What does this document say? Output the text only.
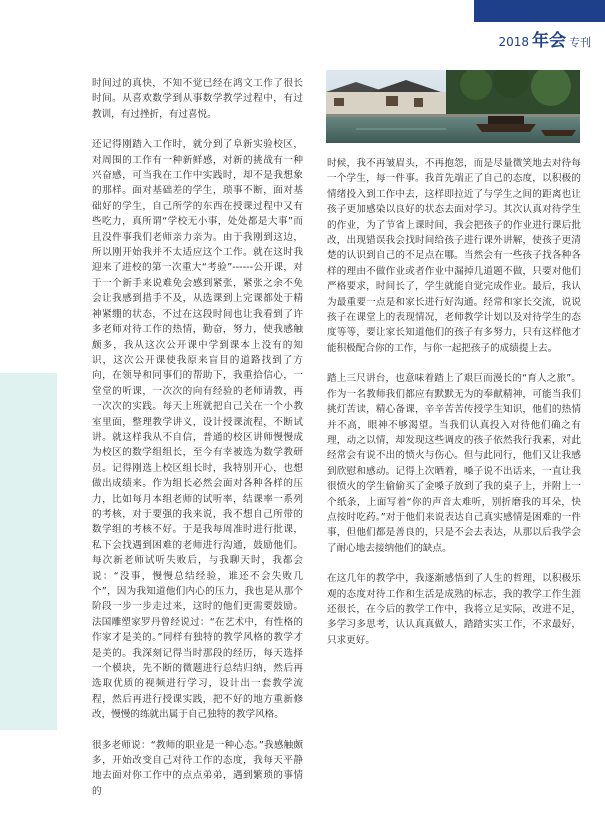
2018 年会 专刊

时间过的真快，不知不觉已经在鸿文工作了很长时间。从喜欢数学到从事数学教学过程中，有过教训，有过挫折，有过喜悦。

还记得刚踏入工作时，就分到了阜新实验校区，对周围的工作有一种新鲜感，对新的挑战有一种兴奋感，可当我在工作中实践时，却不是我想象的那样。面对基础差的学生，琐事不断，面对基础好的学生，自己所学的东西在授课过程中又有些吃力，真所谓“学校无小事，处处都是大事”而且没件事我们老师亲力亲为。由于我刚到这边，所以刚开始我并不太适应这个工作。就在这时我迎来了进校的第一次重大“考验”------公开课，对于一个新手来说难免会感到紧张，紧张之余不免会让我感到措手不及，从选课到上完课都处于精神紧绷的状态，不过在这段时间也让我看到了许多老师对待工作的热情，勤奋，努力，使我感触颇多，我从这次公开课中学到课本上没有的知识，这次公开课使我原来盲目的道路找到了方向，在领导和同事们的帮助下，我重拾信心，一堂堂的听课，一次次的向有经验的老师请教，再一次次的实践。每天上班就把自己关在一个小教室里面，整理教学讲义，设计授课流程，不断试讲。就这样我从不自信，普通的校区讲师慢慢成为校区的数学组组长，至今有幸被选为数学教研员。记得刚选上校区组长时，我特别开心，也想做出成绩来。作为组长必然会面对各种各样的压力，比如每月本组老师的试听率，结课率一系列的考核，对于要强的我来说，我不想自己所带的数学组的考核不好。于是我每周准时进行批课，私下会找遇到困难的老师进行沟通，鼓励他们。每次新老师试听失败后，与我聊天时，我都会说：“没事，慢慢总结经验，谁还不会失败几个”，因为我知道他们内心的压力，我也是从那个阶段一步一步走过来，这时的他们更需要鼓励。法国雕塑家罗丹曾经说过：“在艺术中，有性格的作家才是美的。”同样有独特的教学风格的教学才是美的。我深刻记得当时那段的经历，每天选择一个模块，先不断的微题进行总结归纳，然后再选取优质的视频进行学习，设计出一套教学流程，然后再进行授课实践，把不好的地方重新修改，慢慢的练就出属于自己独特的教学风格。

很多老师说：“教师的职业是一种心态。”我感触颇多，开始改变自己对待工作的态度，我每天平静地去面对你工作中的点点弟弟，遇到繁琐的事情的

时候，我不再皱眉头，不再抱怨，而是尽量微笑地去对待每一个学生，每一件事。我首先端正了自己的态度，以积极的情绪投入到工作中去，这样即拉近了与学生之间的距离也让孩子更加感染以良好的状态去面对学习。其次认真对待学生的作业，为了节省上课时间，我会把孩子的作业进行课后批改，出现错误我会找时间给孩子进行课外讲解，使孩子更清楚的认识到自己的不足点在哪。当然会有一些孩子找各种各样的理由不做作业或者作业中漏掉几道题不做，只要对他们严格要求，时间长了，学生就能自觉完成作业。最后，我认为最重要一点是和家长进行好沟通。经常和家长交流，说说孩子在课堂上的表现情况，老师教学计划以及对待学生的态度等等，要让家长知道他们的孩子有多努力，只有这样他才能积极配合你的工作，与你一起把孩子的成绩提上去。

踏上三尺讲台，也意味着踏上了艰巨而漫长的“育人之旅”。作为一名教师我们都应有默默无为的奉献精神，可能当我们挑灯苦读，精心备课，辛辛苦苦传授学生知识，他们的热情并不高，眼神不够渴望。当我们认真投入对待他们确之有理，动之以情，却发现这些调皮的孩子依然我行我素，对此经常会有说不出的愤火与伤心。但与此同行，他们又让我感到欣慰和感动。记得上次晒着，嗓子说不出话来，一直让我很愤火的学生偷偷买了金嗓子放到了我的桌子上，并附上一个纸条，上面写着“你的声音太难听，别折磨我的耳朵，快点按时吃药。”对于他们来说表达自己真实感情是困难的一件事，但他们都是善良的，只是不会去表达，从那以后我学会了耐心地去接纳他们的缺点。

在这几年的教学中，我逐渐感悟到了人生的哲理，以积极乐观的态度对待工作和生活是成熟的标志，我的教学工作生涯还很长，在今后的教学工作中，我将立足实际，改进不足，多学习多思考，认认真真做人，踏踏实实工作，不求最好，只求更好。
